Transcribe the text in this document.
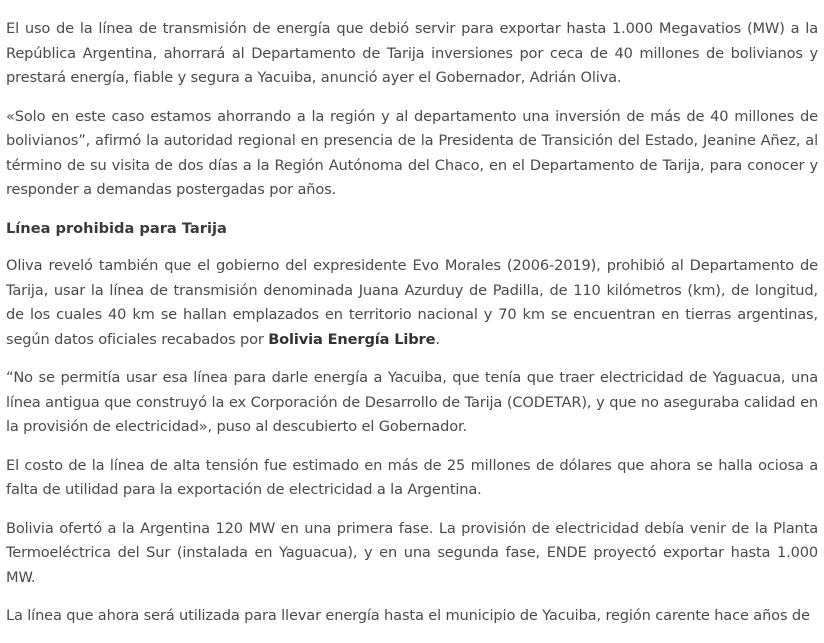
El uso de la línea de transmisión de energía que debió servir para exportar hasta 1.000 Megavatios (MW) a la República Argentina, ahorrará al Departamento de Tarija inversiones por ceca de 40 millones de bolivianos y prestará energía, fiable y segura a Yacuiba, anunció ayer el Gobernador, Adrián Oliva.

«Solo en este caso estamos ahorrando a la región y al departamento una inversión de más de 40 millones de bolivianos”, afirmó la autoridad regional en presencia de la Presidenta de Transición del Estado, Jeanine Añez, al término de su visita de dos días a la Región Autónoma del Chaco, en el Departamento de Tarija, para conocer y responder a demandas postergadas por años.

Línea prohibida para Tarija

Oliva reveló también que el gobierno del expresidente Evo Morales (2006-2019), prohibió al Departamento de Tarija, usar la línea de transmisión denominada Juana Azurduy de Padilla, de 110 kilómetros (km), de longitud, de los cuales 40 km se hallan emplazados en territorio nacional y 70 km se encuentran en tierras argentinas, según datos oficiales recabados por Bolivia Energía Libre.

“No se permitía usar esa línea para darle energía a Yacuiba, que tenía que traer electricidad de Yaguacua, una línea antigua que construyó la ex Corporación de Desarrollo de Tarija (CODETAR), y que no aseguraba calidad en la provisión de electricidad», puso al descubierto el Gobernador.

El costo de la línea de alta tensión fue estimado en más de 25 millones de dólares que ahora se halla ociosa a falta de utilidad para la exportación de electricidad a la Argentina.

Bolivia ofertó a la Argentina 120 MW en una primera fase. La provisión de electricidad debía venir de la Planta Termoeléctrica del Sur (instalada en Yaguacua), y en una segunda fase, ENDE proyectó exportar hasta 1.000 MW.

La línea que ahora será utilizada para llevar energía hasta el municipio de Yacuiba, región carente hace años de
